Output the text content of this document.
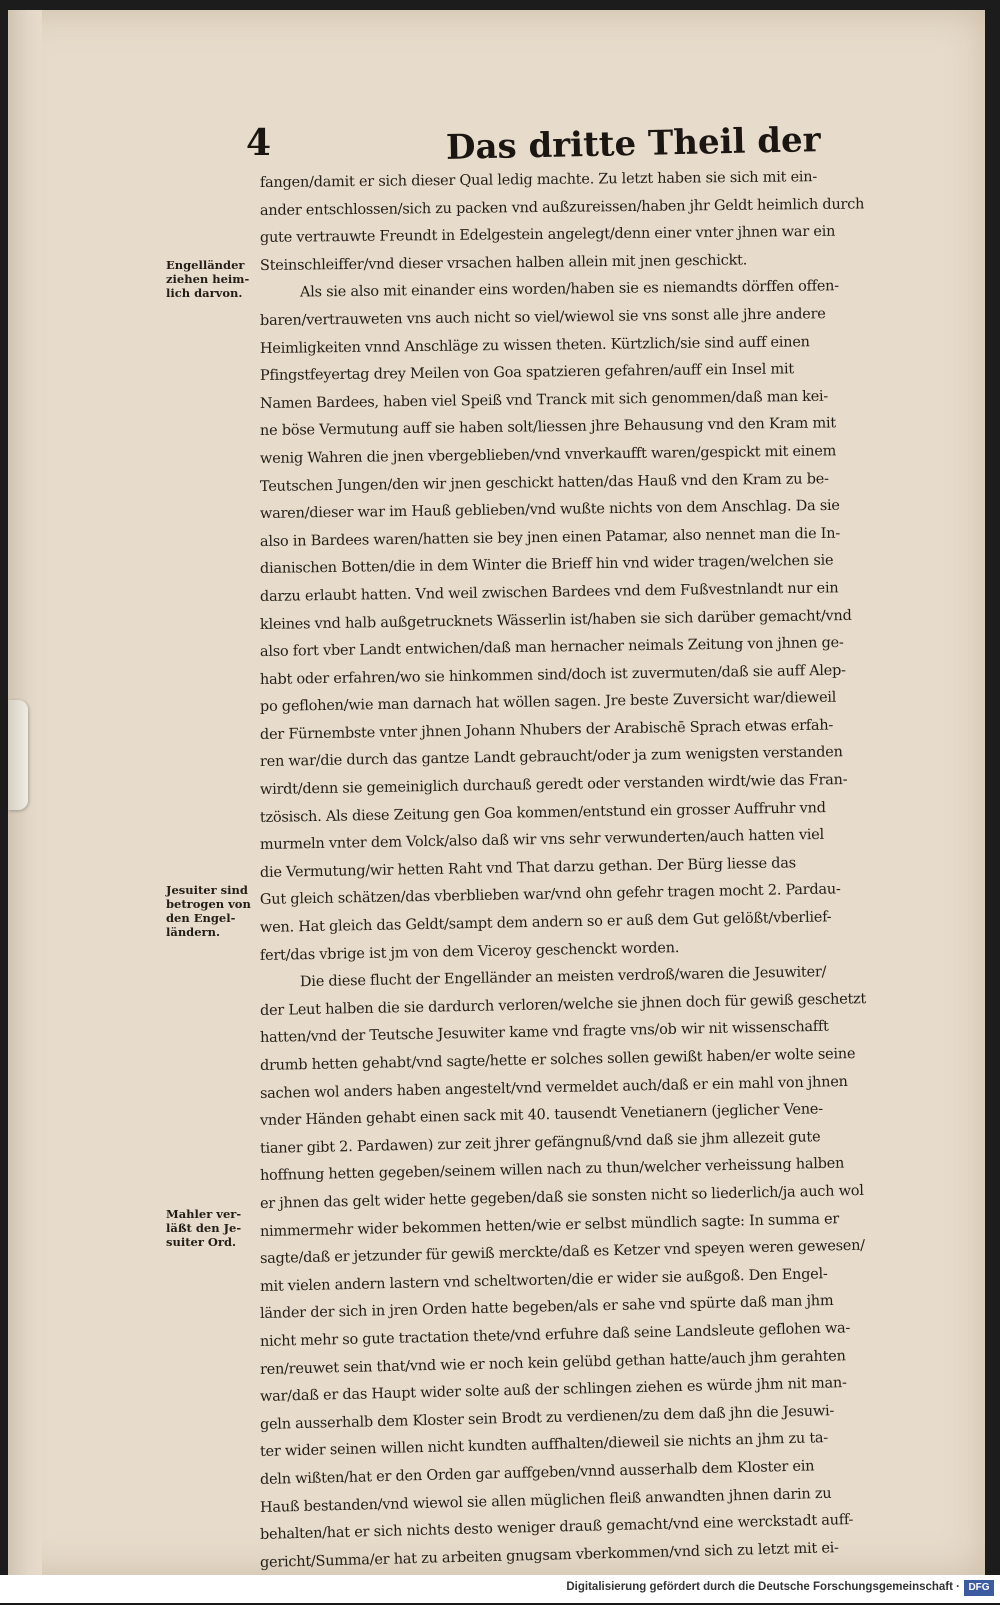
4	Das dritte Theil der
Engelländer
ziehen heim-
lich darvon.
Jesuiter sind
betrogen von
den Engel-
ländern.
Mahler ver-
läßt den Je-
suiter Ord.
fangen/damit er sich dieser Qual ledig machte. Zu letzt haben sie sich mit ein-
ander entschlossen/sich zu packen vnd außzureissen/haben jhr Geldt heimlich durch
gute vertrauwte Freundt in Edelgestein angelegt/denn einer vnter jhnen war ein
Steinschleiffer/vnd dieser vrsachen halben allein mit jnen geschickt.
Als sie also mit einander eins worden/haben sie es niemandts dörffen offen-
baren/vertrauweten vns auch nicht so viel/wiewol sie vns sonst alle jhre andere
Heimligkeiten vnnd Anschläge zu wissen theten. Kürtzlich/sie sind auff einen
Pfingstfeyertag drey Meilen von Goa spatzieren gefahren/auff ein Insel mit
Namen Bardees, haben viel Speiß vnd Tranck mit sich genommen/daß man kei-
ne böse Vermutung auff sie haben solt/liessen jhre Behausung vnd den Kram mit
wenig Wahren die jnen vbergeblieben/vnd vnverkaufft waren/gespickt mit einem
Teutschen Jungen/den wir jnen geschickt hatten/das Hauß vnd den Kram zu be-
waren/dieser war im Hauß geblieben/vnd wußte nichts von dem Anschlag. Da sie
also in Bardees waren/hatten sie bey jnen einen Patamar, also nennet man die In-
dianischen Botten/die in dem Winter die Brieff hin vnd wider tragen/welchen sie
darzu erlaubt hatten. Vnd weil zwischen Bardees vnd dem Fußvestnlandt nur ein
kleines vnd halb außgetrucknets Wässerlin ist/haben sie sich darüber gemacht/vnd
also fort vber Landt entwichen/daß man hernacher neimals Zeitung von jhnen ge-
habt oder erfahren/wo sie hinkommen sind/doch ist zuvermuten/daß sie auff Alep-
po geflohen/wie man darnach hat wöllen sagen. Jre beste Zuversicht war/dieweil
der Fürnembste vnter jhnen Johann Nhubers der Arabischē Sprach etwas erfah-
ren war/die durch das gantze Landt gebraucht/oder ja zum wenigsten verstanden
wirdt/denn sie gemeiniglich durchauß geredt oder verstanden wirdt/wie das Fran-
tzösisch. Als diese Zeitung gen Goa kommen/entstund ein grosser Auffruhr vnd
murmeln vnter dem Volck/also daß wir vns sehr verwunderten/auch hatten viel
die Vermutung/wir hetten Raht vnd That darzu gethan. Der Bürg liesse das
Gut gleich schätzen/das vberblieben war/vnd ohn gefehr tragen mocht 2. Pardau-
wen. Hat gleich das Geldt/sampt dem andern so er auß dem Gut gelößt/vberlief-
fert/das vbrige ist jm von dem Viceroy geschenckt worden.
Die diese flucht der Engelländer an meisten verdroß/waren die Jesuwiter/
der Leut halben die sie dardurch verloren/welche sie jhnen doch für gewiß geschetzt
hatten/vnd der Teutsche Jesuwiter kame vnd fragte vns/ob wir nit wissenschafft
drumb hetten gehabt/vnd sagte/hette er solches sollen gewißt haben/er wolte seine
sachen wol anders haben angestelt/vnd vermeldet auch/daß er ein mahl von jhnen
vnder Händen gehabt einen sack mit 40. tausendt Venetianern (jeglicher Vene-
tianer gibt 2. Pardawen) zur zeit jhrer gefängnuß/vnd daß sie jhm allezeit gute
hoffnung hetten gegeben/seinem willen nach zu thun/welcher verheissung halben
er jhnen das gelt wider hette gegeben/daß sie sonsten nicht so liederlich/ja auch wol
nimmermehr wider bekommen hetten/wie er selbst mündlich sagte: In summa er
sagte/daß er jetzunder für gewiß merckte/daß es Ketzer vnd speyen weren gewesen/
mit vielen andern lastern vnd scheltworten/die er wider sie außgoß. Den Engel-
länder der sich in jren Orden hatte begeben/als er sahe vnd spürte daß man jhm
nicht mehr so gute tractation thete/vnd erfuhre daß seine Landsleute geflohen wa-
ren/reuwet sein that/vnd wie er noch kein gelübd gethan hatte/auch jhm gerahten
war/daß er das Haupt wider solte auß der schlingen ziehen es würde jhm nit man-
geln ausserhalb dem Kloster sein Brodt zu verdienen/zu dem daß jhn die Jesuwi-
ter wider seinen willen nicht kundten auffhalten/dieweil sie nichts an jhm zu ta-
deln wißten/hat er den Orden gar auffgeben/vnnd ausserhalb dem Kloster ein
Hauß bestanden/vnd wiewol sie allen müglichen fleiß anwandten jhnen darin zu
behalten/hat er sich nichts desto weniger drauß gemacht/vnd eine werckstadt auff-
gericht/Summa/er hat zu arbeiten gnugsam vberkommen/vnd sich zu letzt mit ei-
Digitalisierung gefördert durch die Deutsche Forschungsgemeinschaft · DFG
